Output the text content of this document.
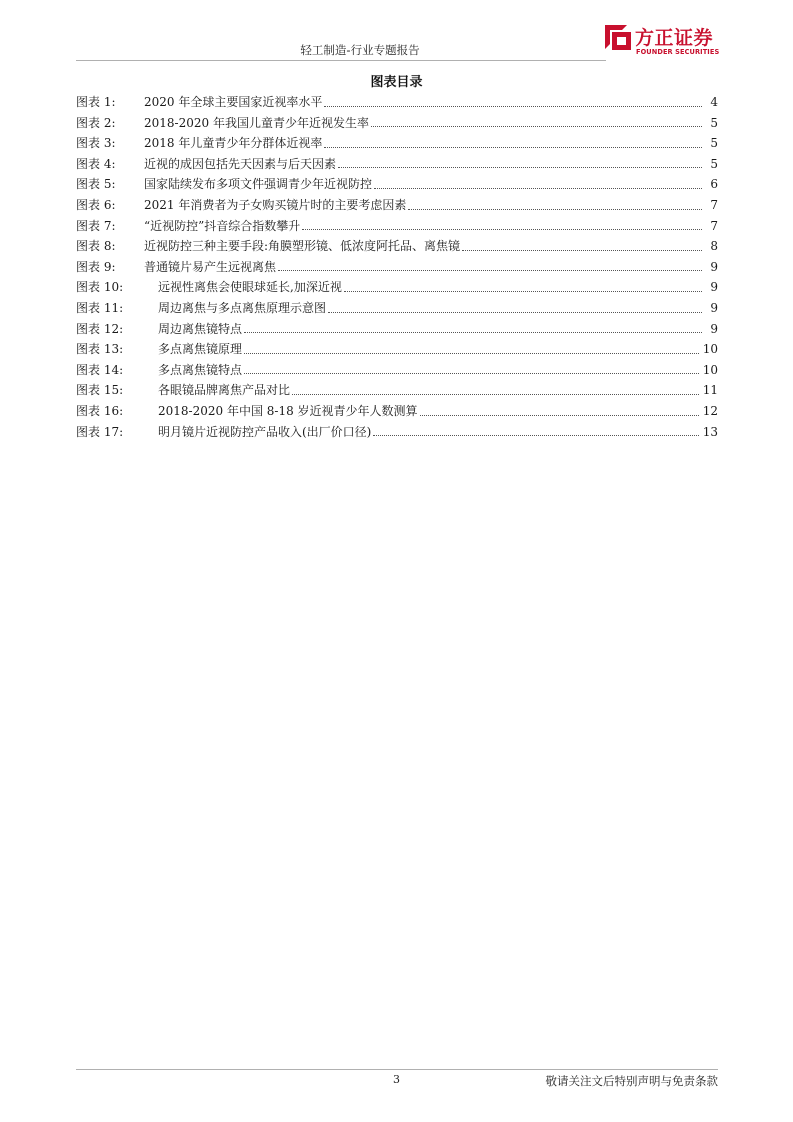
轻工制造-行业专题报告
方正证券
FOUNDER SECURITIES
图表目录
图表 1:	2020 年全球主要国家近视率水平	4
图表 2:	2018-2020 年我国儿童青少年近视发生率	5
图表 3:	2018 年儿童青少年分群体近视率	5
图表 4:	近视的成因包括先天因素与后天因素	5
图表 5:	国家陆续发布多项文件强调青少年近视防控	6
图表 6:	2021 年消费者为子女购买镜片时的主要考虑因素	7
图表 7:	“近视防控”抖音综合指数攀升	7
图表 8:	近视防控三种主要手段:角膜塑形镜、低浓度阿托品、离焦镜	8
图表 9:	普通镜片易产生远视离焦	9
图表 10:	远视性离焦会使眼球延长,加深近视	9
图表 11:	周边离焦与多点离焦原理示意图	9
图表 12:	周边离焦镜特点	9
图表 13:	多点离焦镜原理	10
图表 14:	多点离焦镜特点	10
图表 15:	各眼镜品牌离焦产品对比	11
图表 16:	2018-2020 年中国 8-18 岁近视青少年人数测算	12
图表 17:	明月镜片近视防控产品收入(出厂价口径)	13
3	敬请关注文后特别声明与免责条款
